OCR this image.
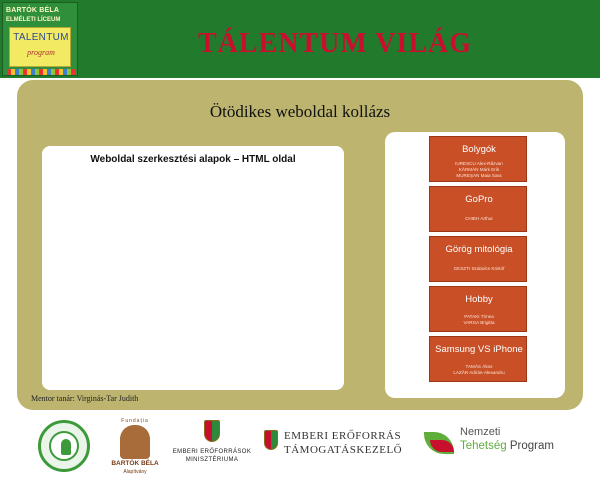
BARTÓK BÉLA
ELMÉLETI LÍCEUM
TALENTUM
program	TÁLENTUM VILÁG
Ötödikes weboldal kollázs
Weboldal szerkesztési alapok – HTML oldal
Mentor tanár: Virginás-Tar Judith
Bolygók
IURESCU Alex-Răzvan
KÁRMÁN Márk Erik
MUREȘAN Maia Sara
GoPro
CHIEH Arthur
Görög mitológia
GESZTI Szabolcs Kristóf
Hobby
PATAKI Tímea
VARGA Brigitta
Samsung VS iPhone
TAMÁS Ákos
LAZĂR Adrián-Alexandru
Fundația
BARTÓK BÉLA
Alapítvány
EMBERI ERŐFORRÁSOK
MINISZTÉRIUMA
EMBERI ERŐFORRÁS
TÁMOGATÁSKEZELŐ
Nemzeti
Tehetség Program
